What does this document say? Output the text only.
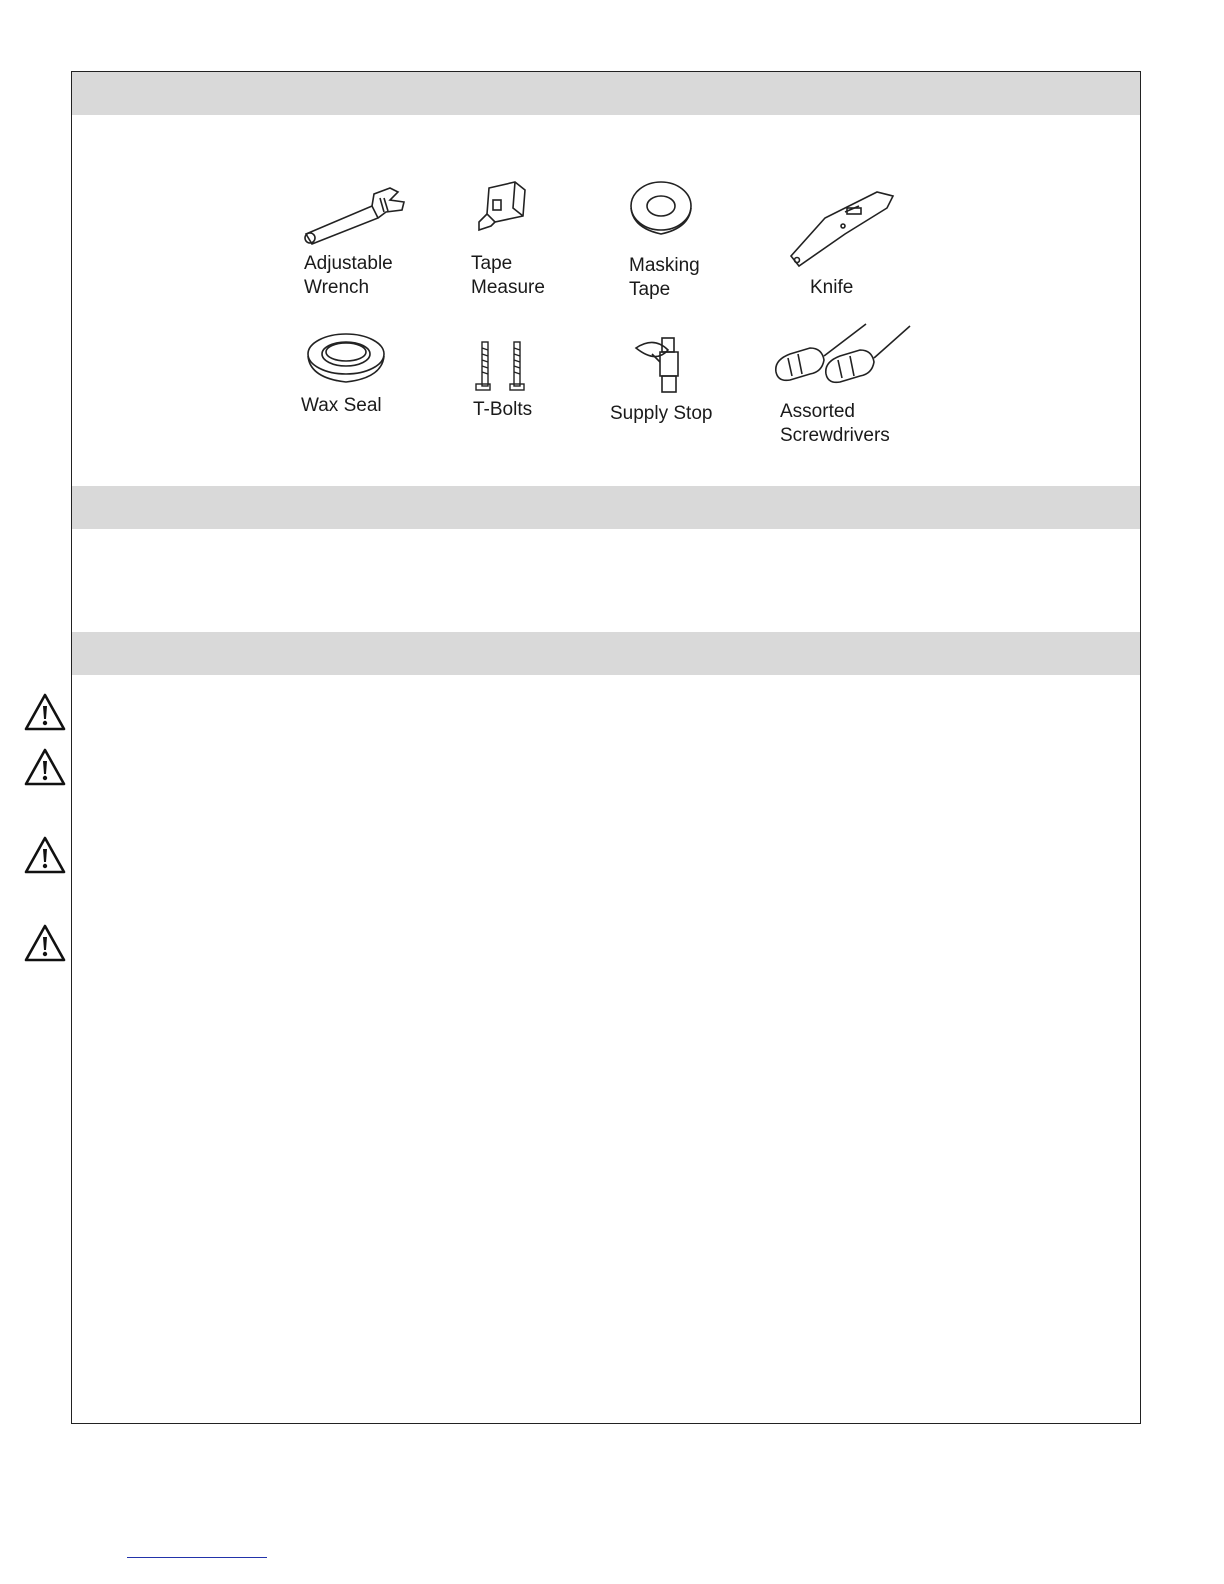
Adjustable
Wrench
Tape
Measure
Masking
Tape	Knife
Wax Seal	T-Bolts	Supply Stop	Assorted
Screwdrivers
